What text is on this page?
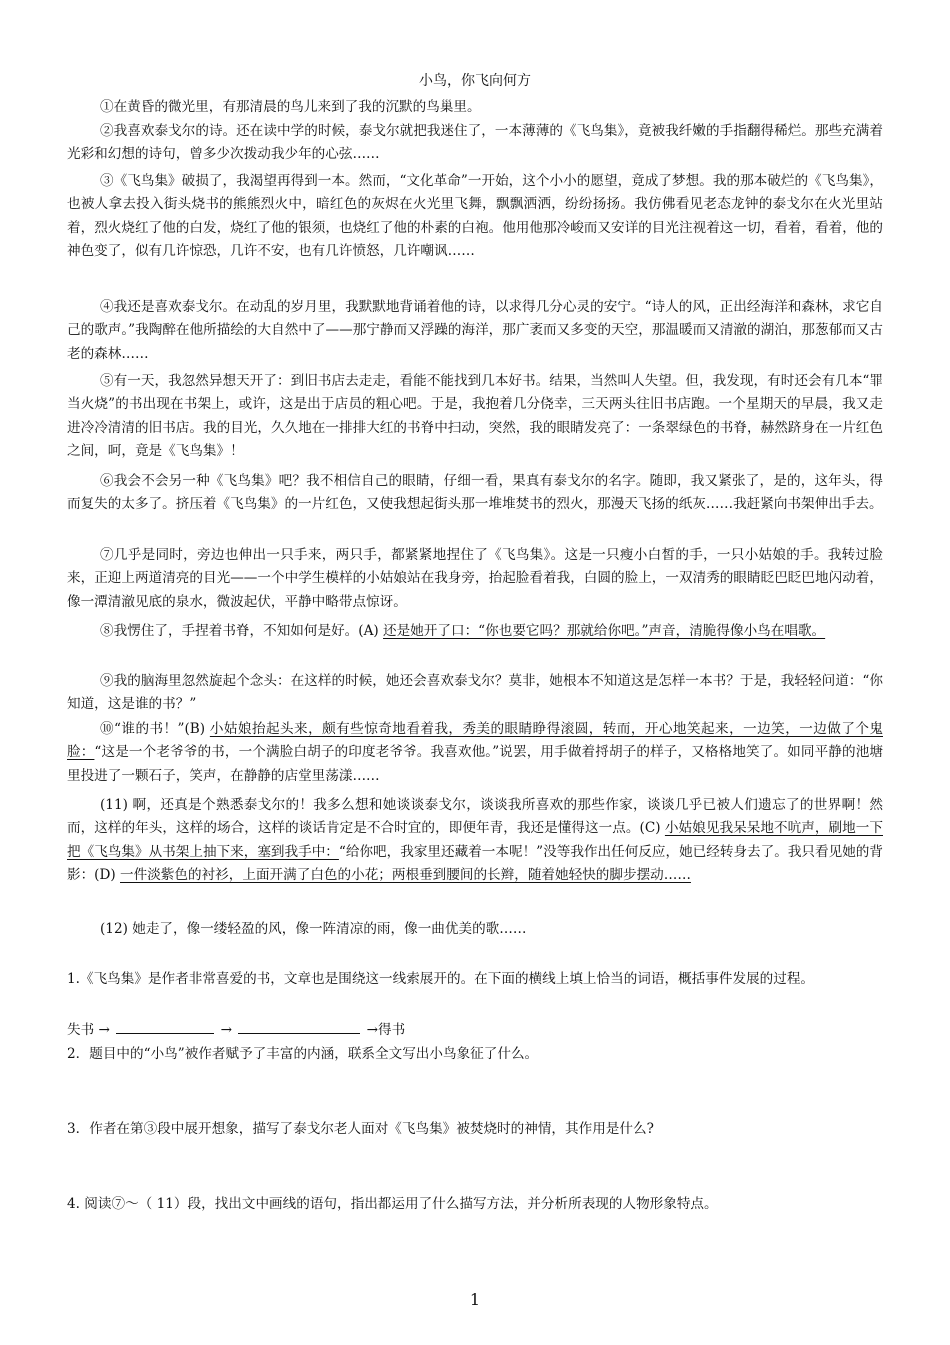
小鸟，你飞向何方
①在黄昏的微光里，有那清晨的鸟儿来到了我的沉默的鸟巢里。
②我喜欢泰戈尔的诗。还在读中学的时候，泰戈尔就把我迷住了，一本薄薄的《飞鸟集》，竟被我纤嫩的手指翻得稀烂。那些充满着光彩和幻想的诗句，曾多少次拨动我少年的心弦……
③《飞鸟集》破损了，我渴望再得到一本。然而，“文化革命”一开始，这个小小的愿望，竟成了梦想。我的那本破烂的《飞鸟集》，也被人拿去投入街头烧书的熊熊烈火中，暗红色的灰烬在火光里飞舞，飘飘洒洒，纷纷扬扬。我仿佛看见老态龙钟的泰戈尔在火光里站着，烈火烧红了他的白发，烧红了他的银须，也烧红了他的朴素的白袍。他用他那冷峻而又安详的目光注视着这一切，看着，看着，他的神色变了，似有几许惊恐，几许不安，也有几许愤怒，几许嘲讽……
④我还是喜欢泰戈尔。在动乱的岁月里，我默默地背诵着他的诗，以求得几分心灵的安宁。“诗人的风，正出经海洋和森林，求它自己的歌声。”我陶醉在他所描绘的大自然中了——那宁静而又浮躁的海洋，那广袤而又多变的天空，那温暖而又清澈的湖泊，那葱郁而又古老的森林……
⑤有一天，我忽然异想天开了：到旧书店去走走，看能不能找到几本好书。结果，当然叫人失望。但，我发现，有时还会有几本“罪当火烧”的书出现在书架上，或许，这是出于店员的粗心吧。于是，我抱着几分侥幸，三天两头往旧书店跑。一个星期天的早晨，我又走进冷冷清清的旧书店。我的目光，久久地在一排排大红的书脊中扫动，突然，我的眼睛发亮了：一条翠绿色的书脊，赫然跻身在一片红色之间，呵，竟是《飞鸟集》！
⑥我会不会另一种《飞鸟集》吧？我不相信自己的眼睛，仔细一看，果真有泰戈尔的名字。随即，我又紧张了，是的，这年头，得而复失的太多了。挤压着《飞鸟集》的一片红色，又使我想起街头那一堆堆焚书的烈火，那漫天飞扬的纸灰……我赶紧向书架伸出手去。
⑦几乎是同时，旁边也伸出一只手来，两只手，都紧紧地捏住了《飞鸟集》。这是一只瘦小白皙的手，一只小姑娘的手。我转过脸来，正迎上两道清亮的目光——一个中学生模样的小姑娘站在我身旁，抬起脸看着我，白圆的脸上，一双清秀的眼睛眨巴眨巴地闪动着，像一潭清澈见底的泉水，微波起伏，平静中略带点惊讶。
⑧我愣住了，手捏着书脊，不知如何是好。(A) 还是她开了口：“你也要它吗？那就给你吧。”声音，清脆得像小鸟在唱歌。
⑨我的脑海里忽然旋起个念头：在这样的时候，她还会喜欢泰戈尔？莫非，她根本不知道这是怎样一本书？于是，我轻轻问道：“你知道，这是谁的书？”
⑩“谁的书！”(B) 小姑娘抬起头来，颇有些惊奇地看着我，秀美的眼睛睁得滚圆，转而，开心地笑起来，一边笑，一边做了个鬼脸：“这是一个老爷爷的书，一个满脸白胡子的印度老爷爷。我喜欢他。”说罢，用手做着捋胡子的样子，又格格地笑了。如同平静的池塘里投进了一颗石子，笑声，在静静的店堂里荡漾……
(11) 啊，还真是个熟悉泰戈尔的！我多么想和她谈谈泰戈尔，谈谈我所喜欢的那些作家，谈谈几乎已被人们遗忘了的世界啊！然而，这样的年头，这样的场合，这样的谈话肯定是不合时宜的，即便年青，我还是懂得这一点。(C) 小姑娘见我呆呆地不吭声，刷地一下把《飞鸟集》从书架上抽下来，塞到我手中：“给你吧，我家里还藏着一本呢！”没等我作出任何反应，她已经转身去了。我只看见她的背影：(D) 一件淡紫色的衬衫，上面开满了白色的小花；两根垂到腰间的长辫，随着她轻快的脚步摆动……
(12) 她走了，像一缕轻盈的风，像一阵清凉的雨，像一曲优美的歌……
1.《飞鸟集》是作者非常喜爱的书，文章也是围绕这一线索展开的。在下面的横线上填上恰当的词语，概括事件发展的过程。
失书 →	→	→得书
2．题目中的“小鸟”被作者赋予了丰富的内涵，联系全文写出小鸟象征了什么。
3．作者在第③段中展开想象，描写了泰戈尔老人面对《飞鸟集》被焚烧时的神情，其作用是什么?
4. 阅读⑦～（ 11）段，找出文中画线的语句，指出都运用了什么描写方法，并分析所表现的人物形象特点。
1
